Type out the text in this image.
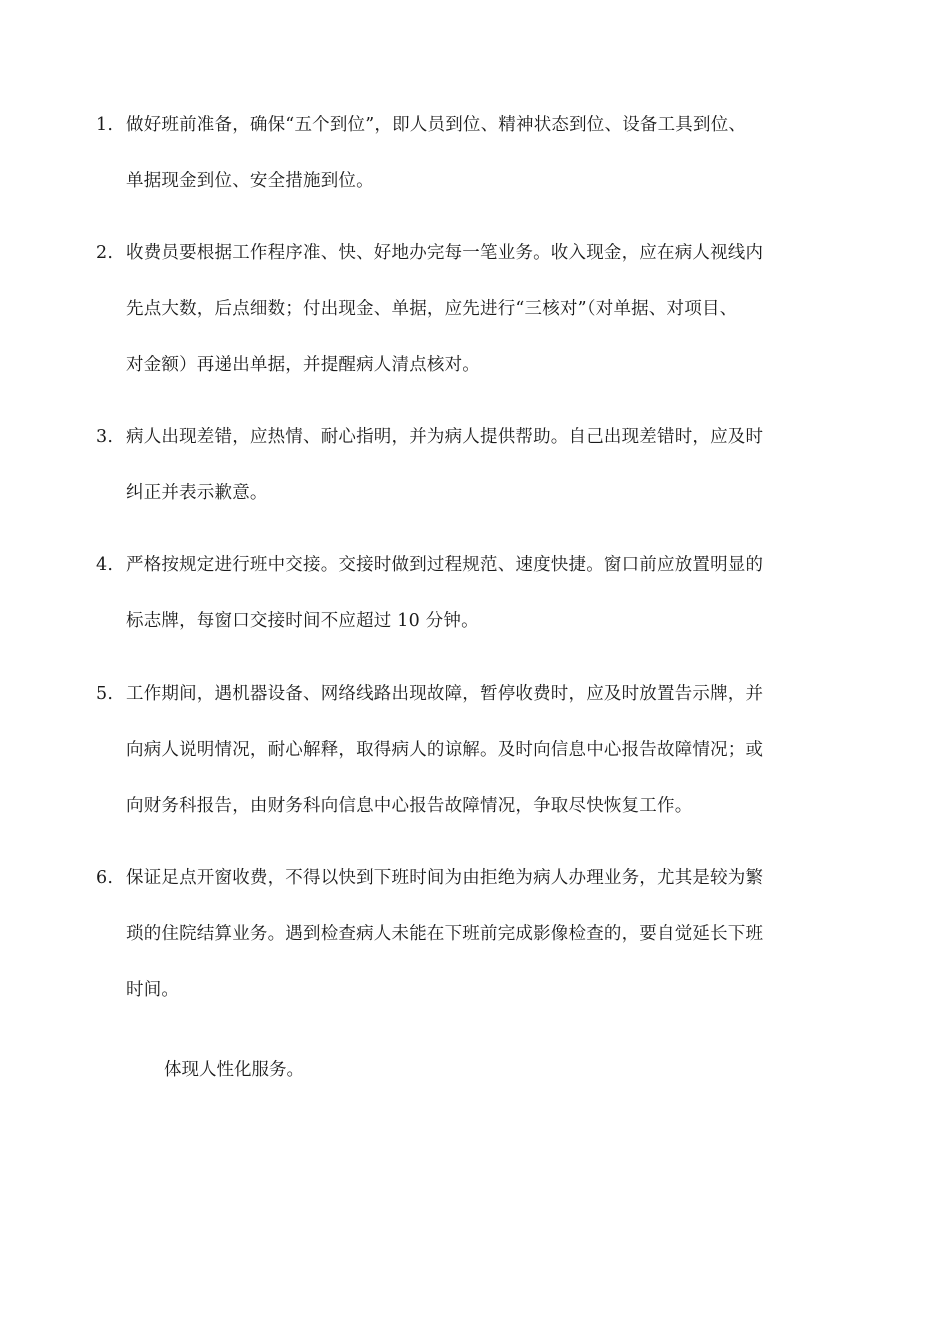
1. 做好班前准备，确保“五个到位”，即人员到位、精神状态到位、设备工具到位、
单据现金到位、安全措施到位。
2. 收费员要根据工作程序准、快、好地办完每一笔业务。收入现金，应在病人视线内
先点大数，后点细数；付出现金、单据，应先进行“三核对”（对单据、对项目、
对金额）再递出单据，并提醒病人清点核对。
3. 病人出现差错，应热情、耐心指明，并为病人提供帮助。自己出现差错时，应及时
纠正并表示歉意。
4. 严格按规定进行班中交接。交接时做到过程规范、速度快捷。窗口前应放置明显的
标志牌，每窗口交接时间不应超过 10 分钟。
5. 工作期间，遇机器设备、网络线路出现故障，暂停收费时，应及时放置告示牌，并
向病人说明情况，耐心解释，取得病人的谅解。及时向信息中心报告故障情况；或
向财务科报告，由财务科向信息中心报告故障情况，争取尽快恢复工作。
6. 保证足点开窗收费，不得以快到下班时间为由拒绝为病人办理业务，尤其是较为繁
琐的住院结算业务。遇到检查病人未能在下班前完成影像检查的，要自觉延长下班
时间。
体现人性化服务。
